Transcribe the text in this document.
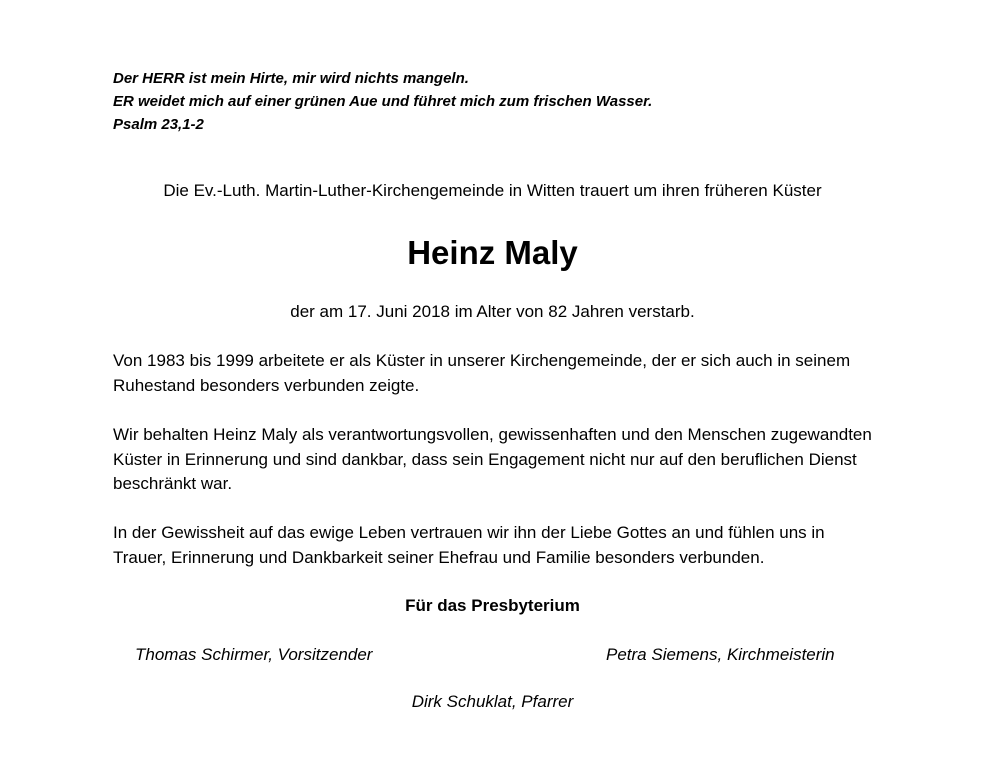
Der HERR ist mein Hirte, mir wird nichts mangeln.

ER weidet mich auf einer grünen Aue und führet mich zum frischen Wasser.

Psalm 23,1-2

Die Ev.-Luth. Martin-Luther-Kirchengemeinde in Witten trauert um ihren früheren Küster

Heinz Maly

der am 17. Juni 2018 im Alter von 82 Jahren verstarb.

Von 1983 bis 1999 arbeitete er als Küster in unserer Kirchengemeinde, der er sich auch in seinem Ruhestand besonders verbunden zeigte.

Wir behalten Heinz Maly als verantwortungsvollen, gewissenhaften und den Menschen zugewandten Küster in Erinnerung und sind dankbar, dass sein Engagement nicht nur auf den beruflichen Dienst beschränkt war.

In der Gewissheit auf das ewige Leben vertrauen wir ihn der Liebe Gottes an und fühlen uns in Trauer, Erinnerung und Dankbarkeit seiner Ehefrau und Familie besonders verbunden.

Für das Presbyterium

Thomas Schirmer, Vorsitzender	Petra Siemens, Kirchmeisterin

Dirk Schuklat, Pfarrer
